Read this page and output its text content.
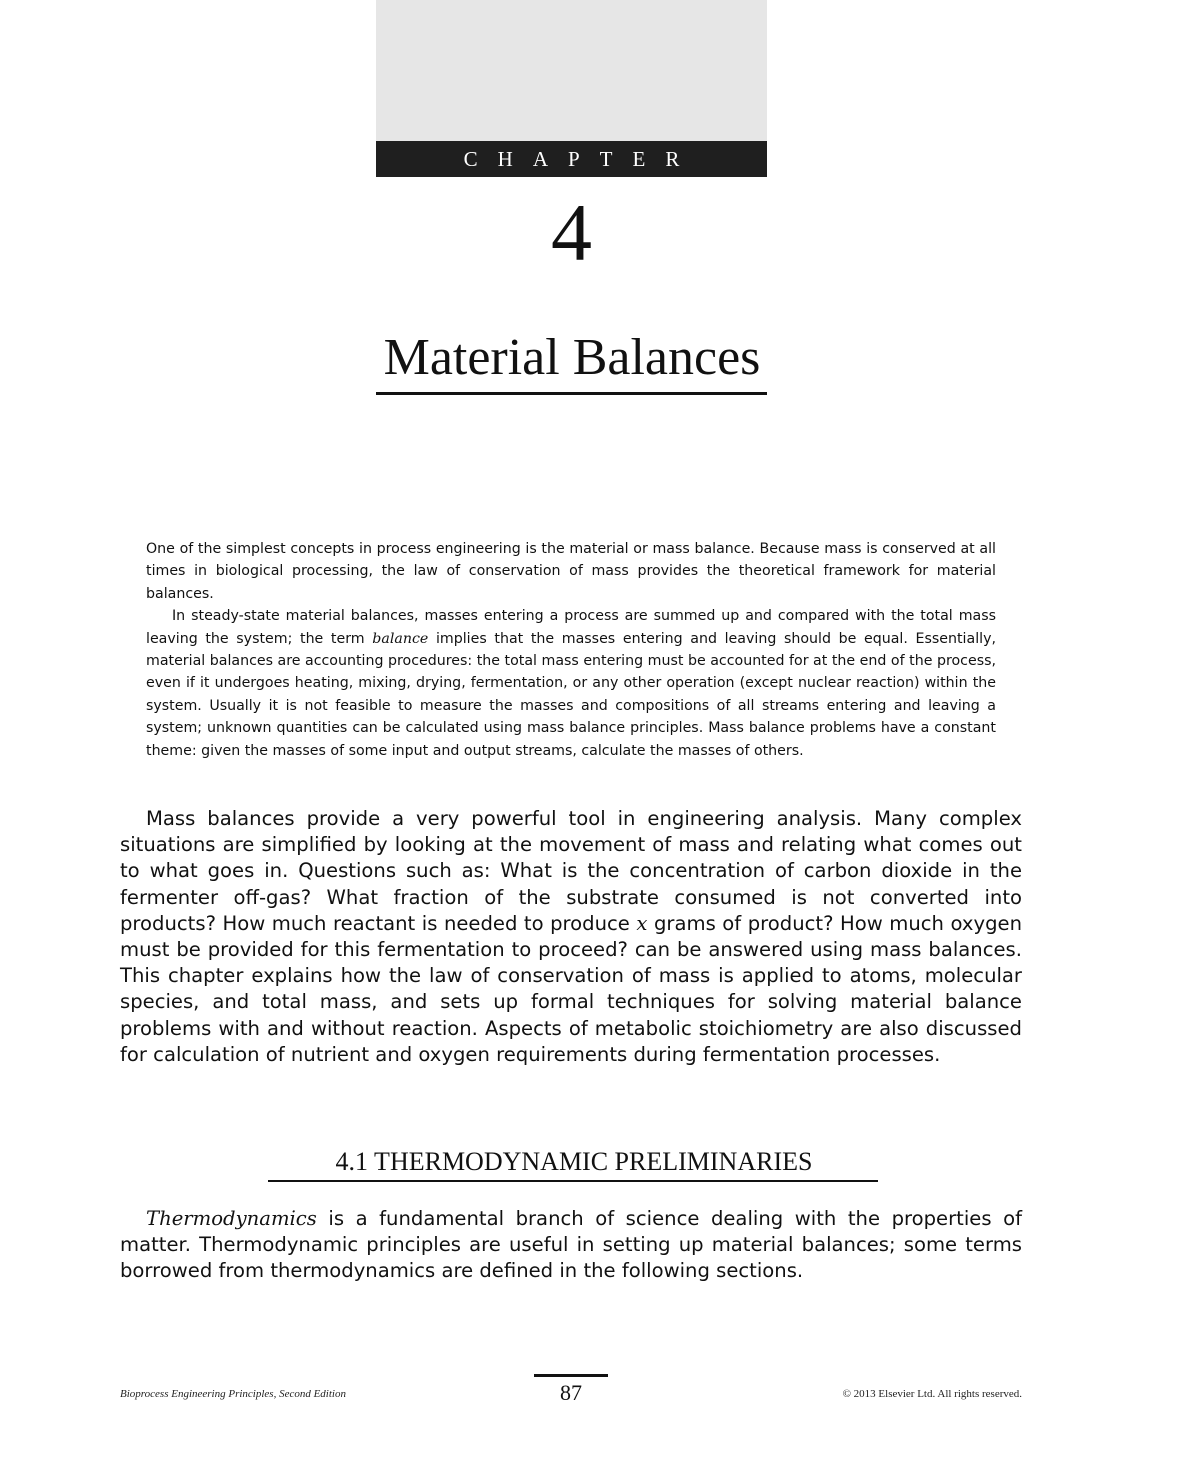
CHAPTER
4
Material Balances

One of the simplest concepts in process engineering is the material or mass balance. Because mass is conserved at all times in biological processing, the law of conservation of mass provides the theoretical framework for material balances.

In steady-state material balances, masses entering a process are summed up and compared with the total mass leaving the system; the term balance implies that the masses entering and leaving should be equal. Essentially, material balances are accounting procedures: the total mass entering must be accounted for at the end of the process, even if it undergoes heating, mixing, drying, fermentation, or any other operation (except nuclear reaction) within the system. Usually it is not feasible to measure the masses and compositions of all streams entering and leaving a system; unknown quantities can be calculated using mass balance principles. Mass balance problems have a constant theme: given the masses of some input and output streams, calculate the masses of others.

Mass balances provide a very powerful tool in engineering analysis. Many complex situations are simplified by looking at the movement of mass and relating what comes out to what goes in. Questions such as: What is the concentration of carbon dioxide in the fermenter off-gas? What fraction of the substrate consumed is not converted into products? How much reactant is needed to produce x grams of product? How much oxygen must be provided for this fermentation to proceed? can be answered using mass balances. This chapter explains how the law of conservation of mass is applied to atoms, molecular species, and total mass, and sets up formal techniques for solving material balance problems with and without reaction. Aspects of metabolic stoichiometry are also discussed for calculation of nutrient and oxygen requirements during fermentation processes.

4.1 THERMODYNAMIC PRELIMINARIES

Thermodynamics is a fundamental branch of science dealing with the properties of matter. Thermodynamic principles are useful in setting up material balances; some terms borrowed from thermodynamics are defined in the following sections.

Bioprocess Engineering Principles, Second Edition	87	© 2013 Elsevier Ltd. All rights reserved.
